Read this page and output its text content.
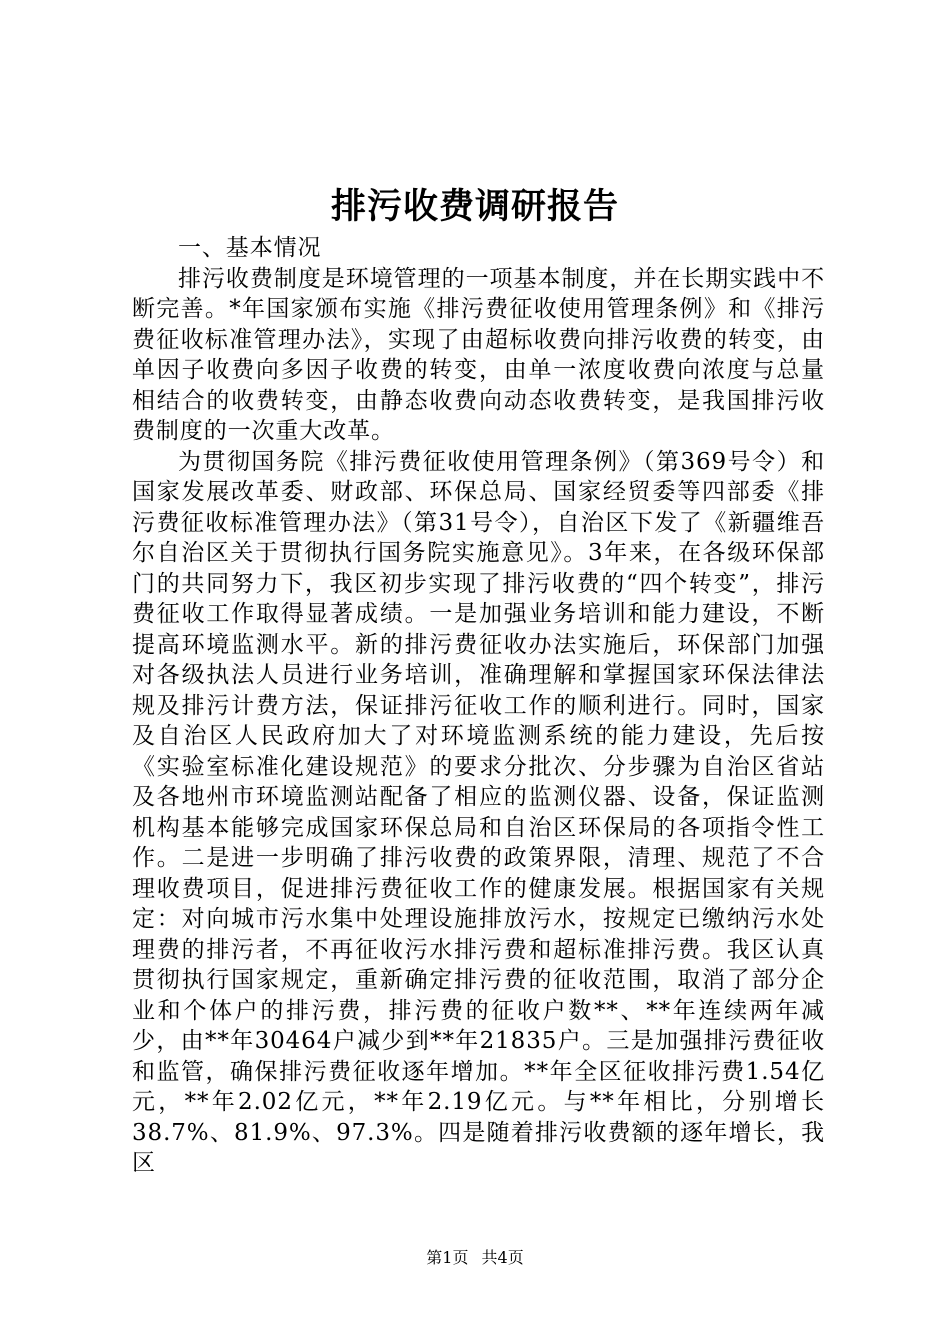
排污收费调研报告

一、基本情况

排污收费制度是环境管理的一项基本制度，并在长期实践中不断完善。*年国家颁布实施《排污费征收使用管理条例》和《排污费征收标准管理办法》，实现了由超标收费向排污收费的转变，由单因子收费向多因子收费的转变，由单一浓度收费向浓度与总量相结合的收费转变，由静态收费向动态收费转变，是我国排污收费制度的一次重大改革。

为贯彻国务院《排污费征收使用管理条例》（第369号令）和国家发展改革委、财政部、环保总局、国家经贸委等四部委《排污费征收标准管理办法》（第31号令），自治区下发了《新疆维吾尔自治区关于贯彻执行国务院实施意见》。3年来，在各级环保部门的共同努力下，我区初步实现了排污收费的“四个转变”，排污费征收工作取得显著成绩。一是加强业务培训和能力建设，不断提高环境监测水平。新的排污费征收办法实施后，环保部门加强对各级执法人员进行业务培训，准确理解和掌握国家环保法律法规及排污计费方法，保证排污征收工作的顺利进行。同时，国家及自治区人民政府加大了对环境监测系统的能力建设，先后按《实验室标准化建设规范》的要求分批次、分步骤为自治区省站及各地州市环境监测站配备了相应的监测仪器、设备，保证监测机构基本能够完成国家环保总局和自治区环保局的各项指令性工作。二是进一步明确了排污收费的政策界限，清理、规范了不合理收费项目，促进排污费征收工作的健康发展。根据国家有关规定：对向城市污水集中处理设施排放污水，按规定已缴纳污水处理费的排污者，不再征收污水排污费和超标准排污费。我区认真贯彻执行国家规定，重新确定排污费的征收范围，取消了部分企业和个体户的排污费，排污费的征收户数**、**年连续两年减少，由**年30464户减少到**年21835户。三是加强排污费征收和监管，确保排污费征收逐年增加。**年全区征收排污费1.54亿元，**年2.02亿元，**年2.19亿元。与**年相比，分别增长38.7%、81.9%、97.3%。四是随着排污收费额的逐年增长，我区

第1页 共4页
